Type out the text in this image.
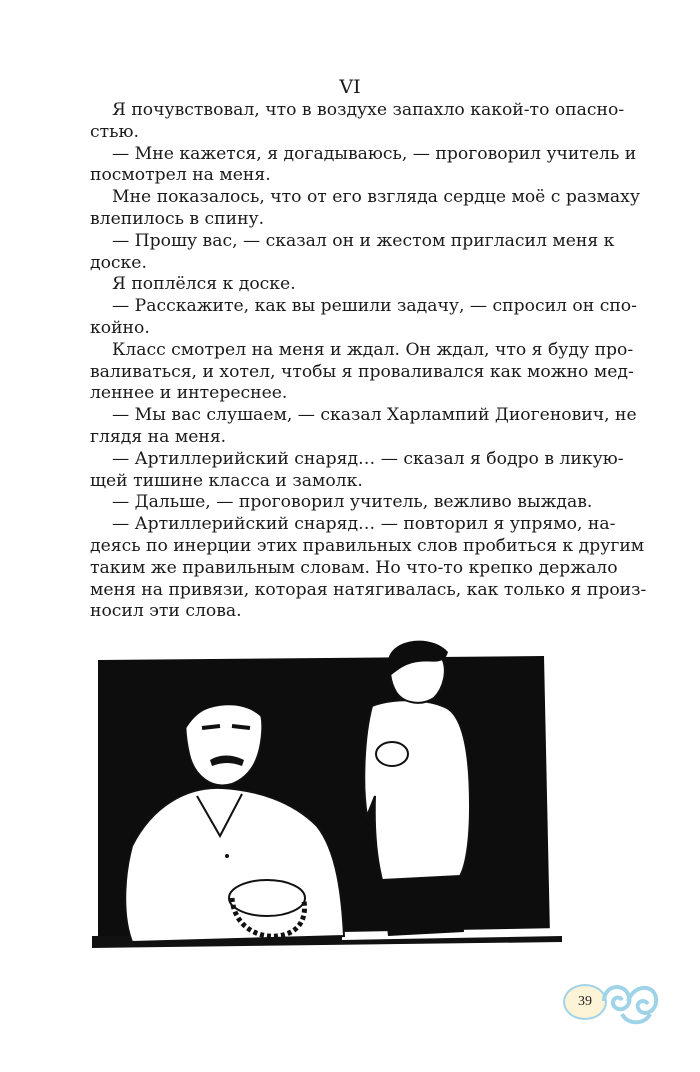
VI
Я почувствовал, что в воздухе запахло какой-то опасно-
стью.
— Мне кажется, я догадываюсь, — проговорил учитель и
посмотрел на меня.
Мне показалось, что от его взгляда сердце моё с размаху
влепилось в спину.
— Прошу вас, — сказал он и жестом пригласил меня к
доске.
Я поплёлся к доске.
— Расскажите, как вы решили задачу, — спросил он спо-
койно.
Класс смотрел на меня и ждал. Он ждал, что я буду про-
валиваться, и хотел, чтобы я проваливался как можно мед-
леннее и интереснее.
— Мы вас слушаем, — сказал Харлампий Диогенович, не
глядя на меня.
— Артиллерийский снаряд… — сказал я бодро в ликую-
щей тишине класса и замолк.
— Дальше, — проговорил учитель, вежливо выждав.
— Артиллерийский снаряд… — повторил я упрямо, на-
деясь по инерции этих правильных слов пробиться к другим
таким же правильным словам. Но что-то крепко держало
меня на привязи, которая натягивалась, как только я произ-
носил эти слова.
39
